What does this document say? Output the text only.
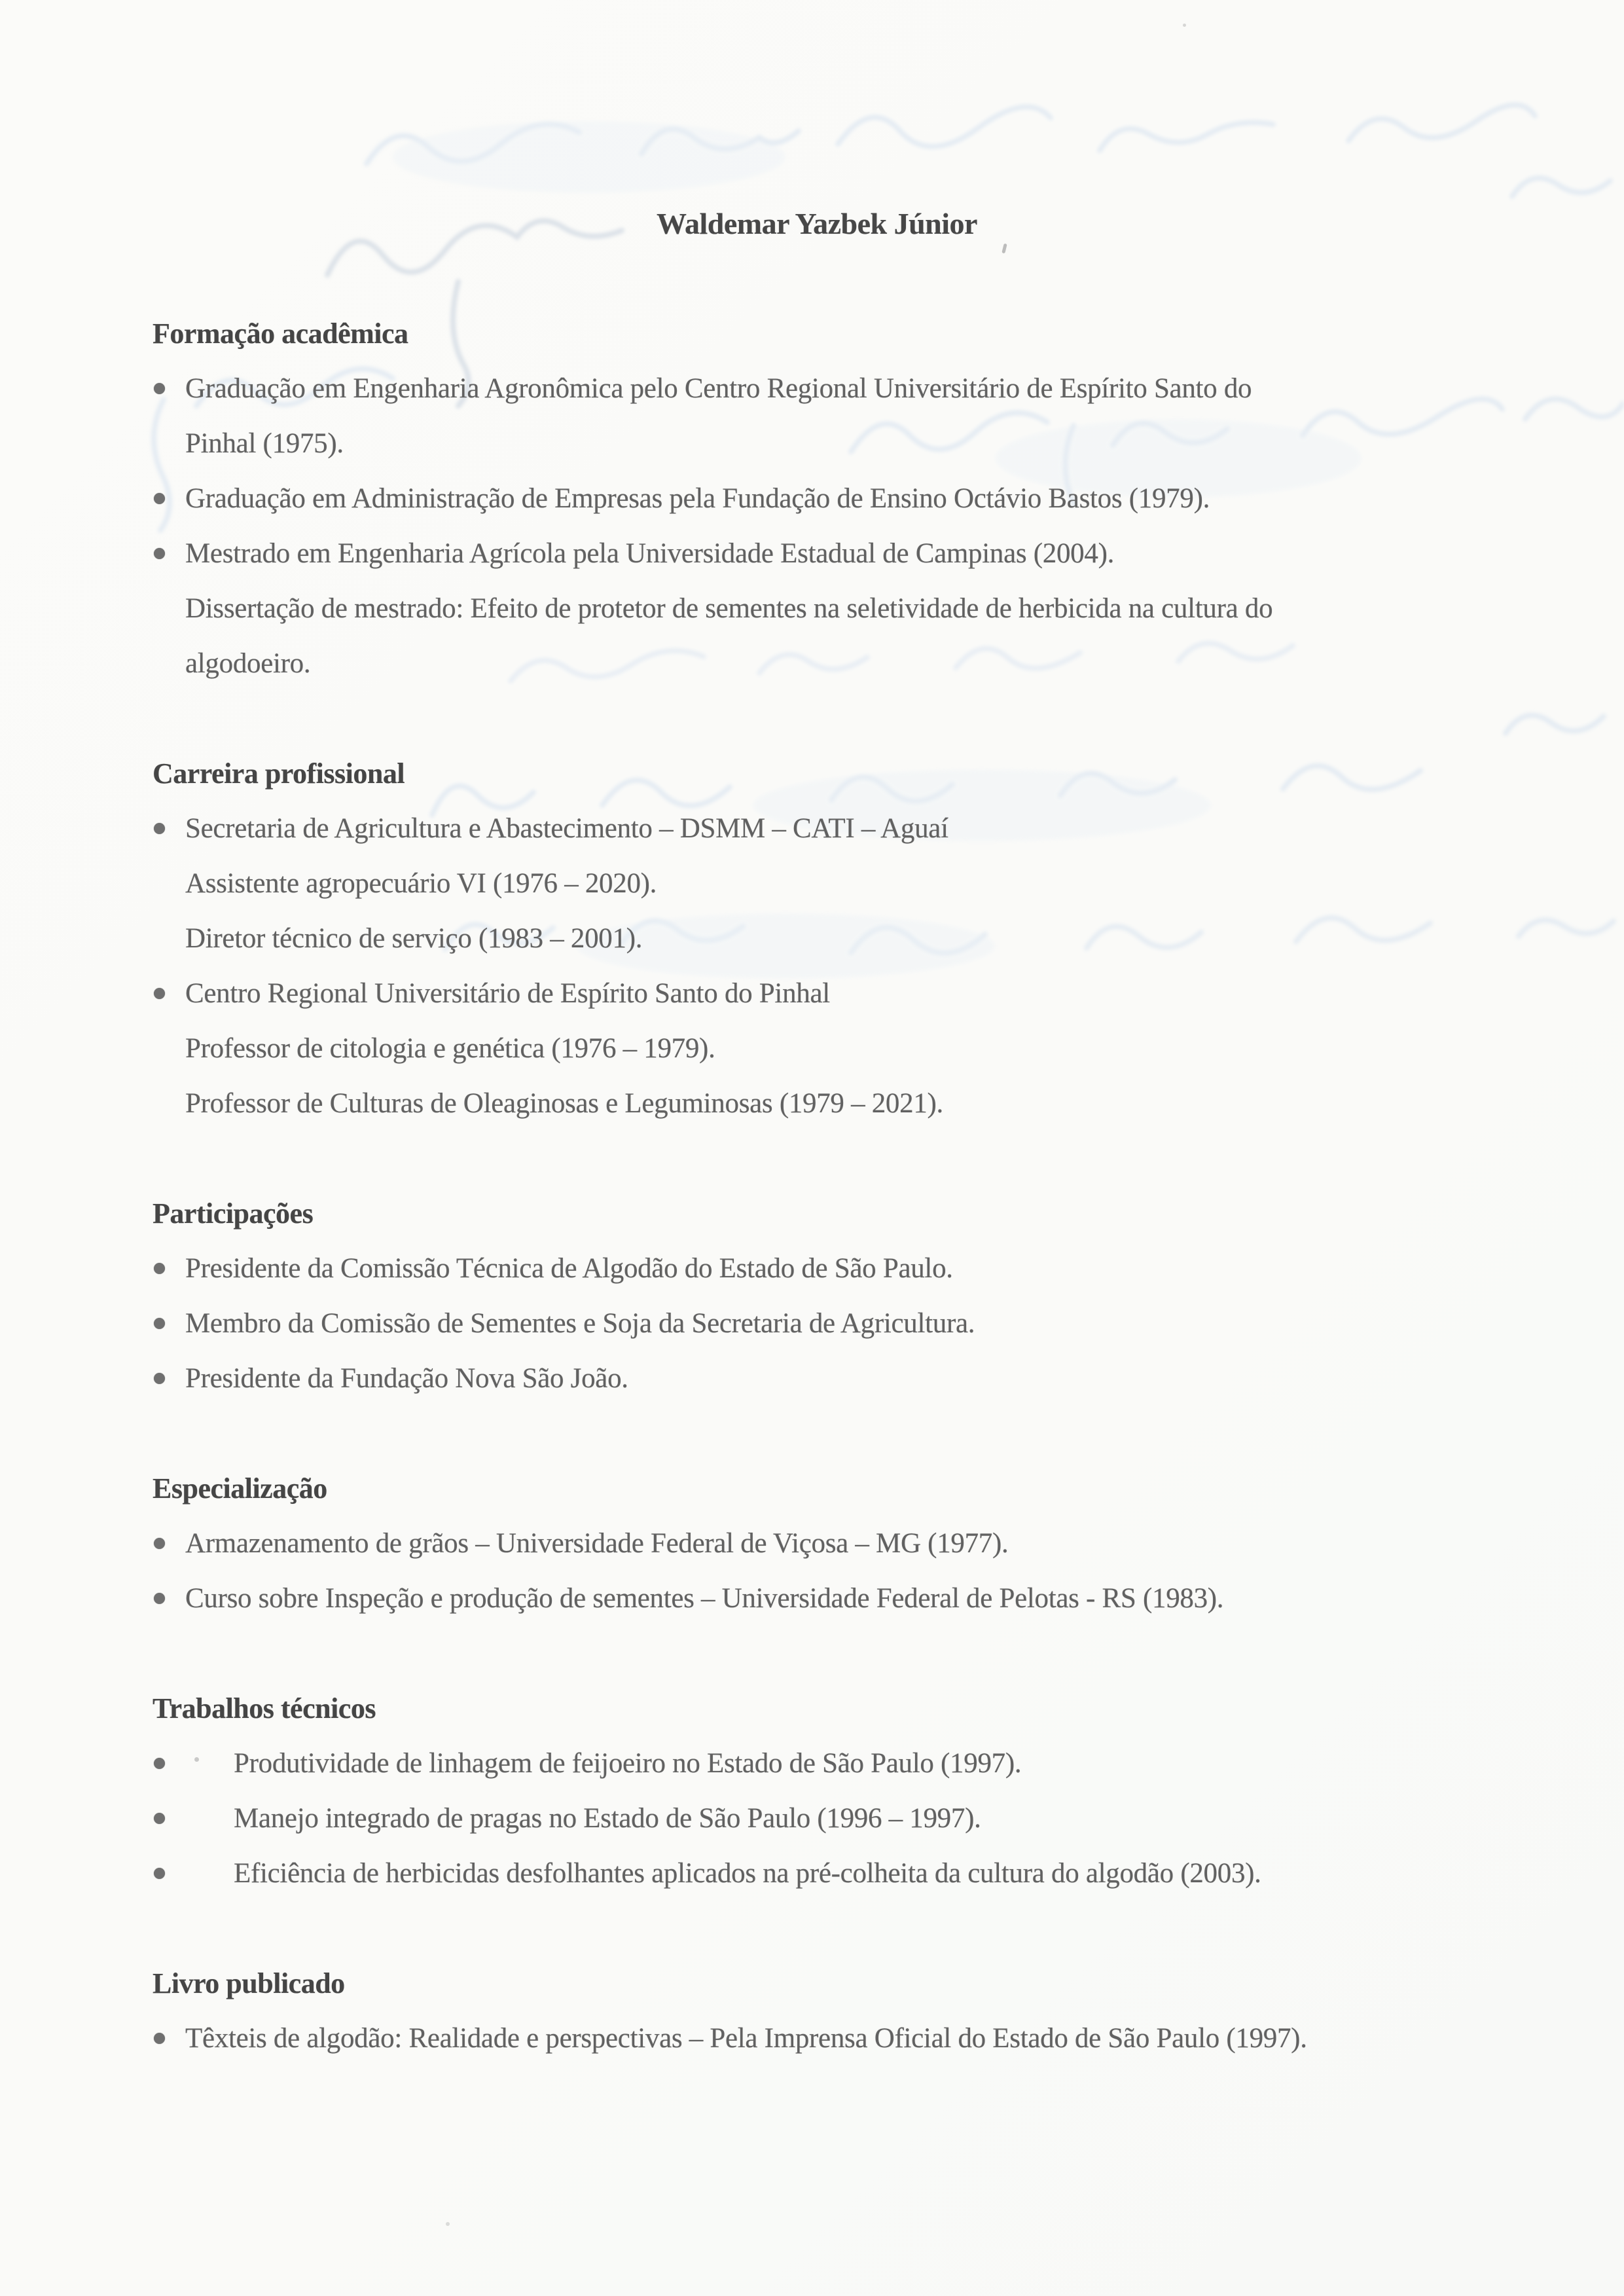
Waldemar Yazbek Júnior
Formação acadêmica
Graduação em Engenharia Agronômica pelo Centro Regional Universitário de Espírito Santo do
Pinhal (1975).
Graduação em Administração de Empresas pela Fundação de Ensino Octávio Bastos (1979).
Mestrado em Engenharia Agrícola pela Universidade Estadual de Campinas (2004).
Dissertação de mestrado: Efeito de protetor de sementes na seletividade de herbicida na cultura do
algodoeiro.
Carreira profissional
Secretaria de Agricultura e Abastecimento – DSMM – CATI – Aguaí
Assistente agropecuário VI (1976 – 2020).
Diretor técnico de serviço (1983 – 2001).
Centro Regional Universitário de Espírito Santo do Pinhal
Professor de citologia e genética (1976 – 1979).
Professor de Culturas de Oleaginosas e Leguminosas (1979 – 2021).
Participações
Presidente da Comissão Técnica de Algodão do Estado de São Paulo.
Membro da Comissão de Sementes e Soja da Secretaria de Agricultura.
Presidente da Fundação Nova São João.
Especialização
Armazenamento de grãos – Universidade Federal de Viçosa – MG (1977).
Curso sobre Inspeção e produção de sementes – Universidade Federal de Pelotas - RS (1983).
Trabalhos técnicos
Produtividade de linhagem de feijoeiro no Estado de São Paulo (1997).
Manejo integrado de pragas no Estado de São Paulo (1996 – 1997).
Eficiência de herbicidas desfolhantes aplicados na pré-colheita da cultura do algodão (2003).
Livro publicado
Têxteis de algodão: Realidade e perspectivas – Pela Imprensa Oficial do Estado de São Paulo (1997).
